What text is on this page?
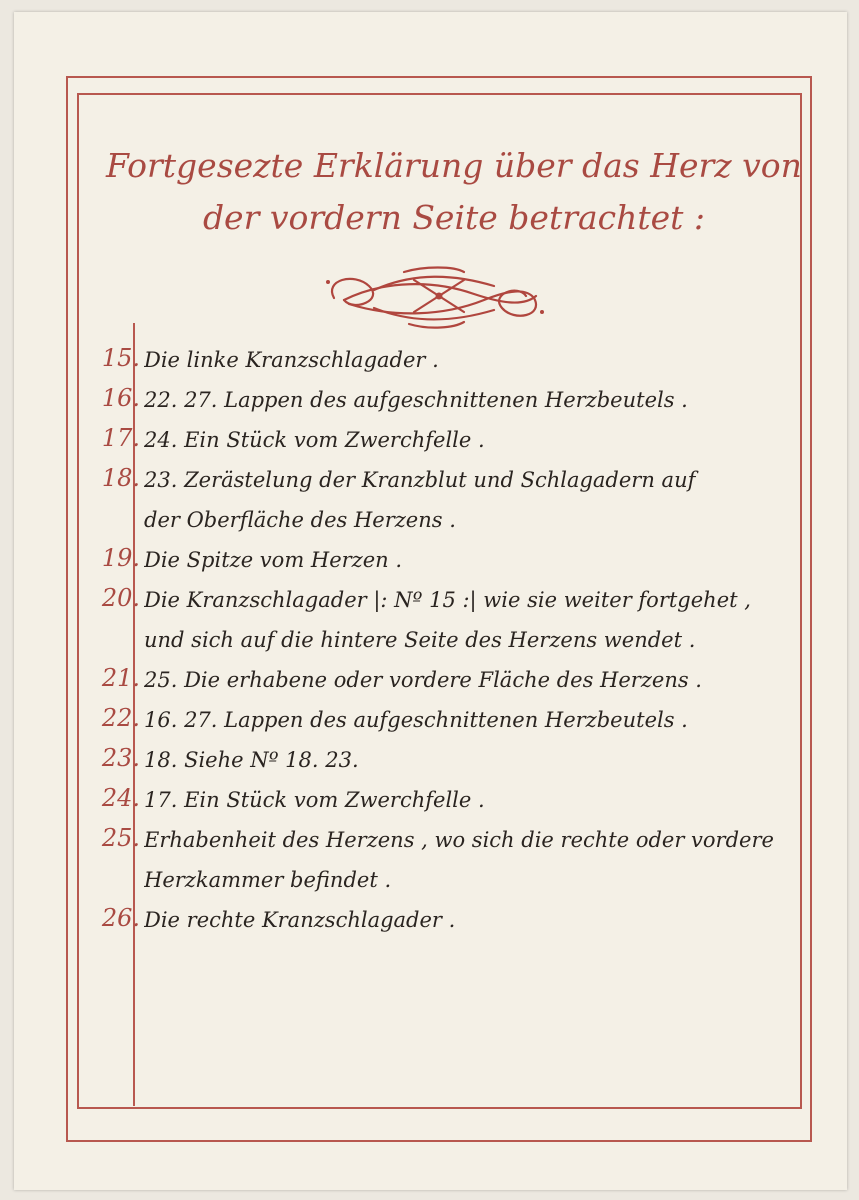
Fortgesezte Erklärung über das Herz von
der vordern Seite betrachtet :
15. Die linke Kranzschlagader .
16. 22. 27. Lappen des aufgeschnittenen Herzbeutels .
17. 24. Ein Stück vom Zwerchfelle .
18. 23. Zerästelung der Kranzblut und Schlagadern auf
der Oberfläche des Herzens .
19. Die Spitze vom Herzen .
20. Die Kranzschlagader |: Nº 15 :| wie sie weiter fortgehet ,
und sich auf die hintere Seite des Herzens wendet .
21. 25. Die erhabene oder vordere Fläche des Herzens .
22. 16. 27. Lappen des aufgeschnittenen Herzbeutels .
23. 18. Siehe Nº 18. 23.
24. 17. Ein Stück vom Zwerchfelle .
25. Erhabenheit des Herzens , wo sich die rechte oder vordere
Herzkammer befindet .
26. Die rechte Kranzschlagader .
